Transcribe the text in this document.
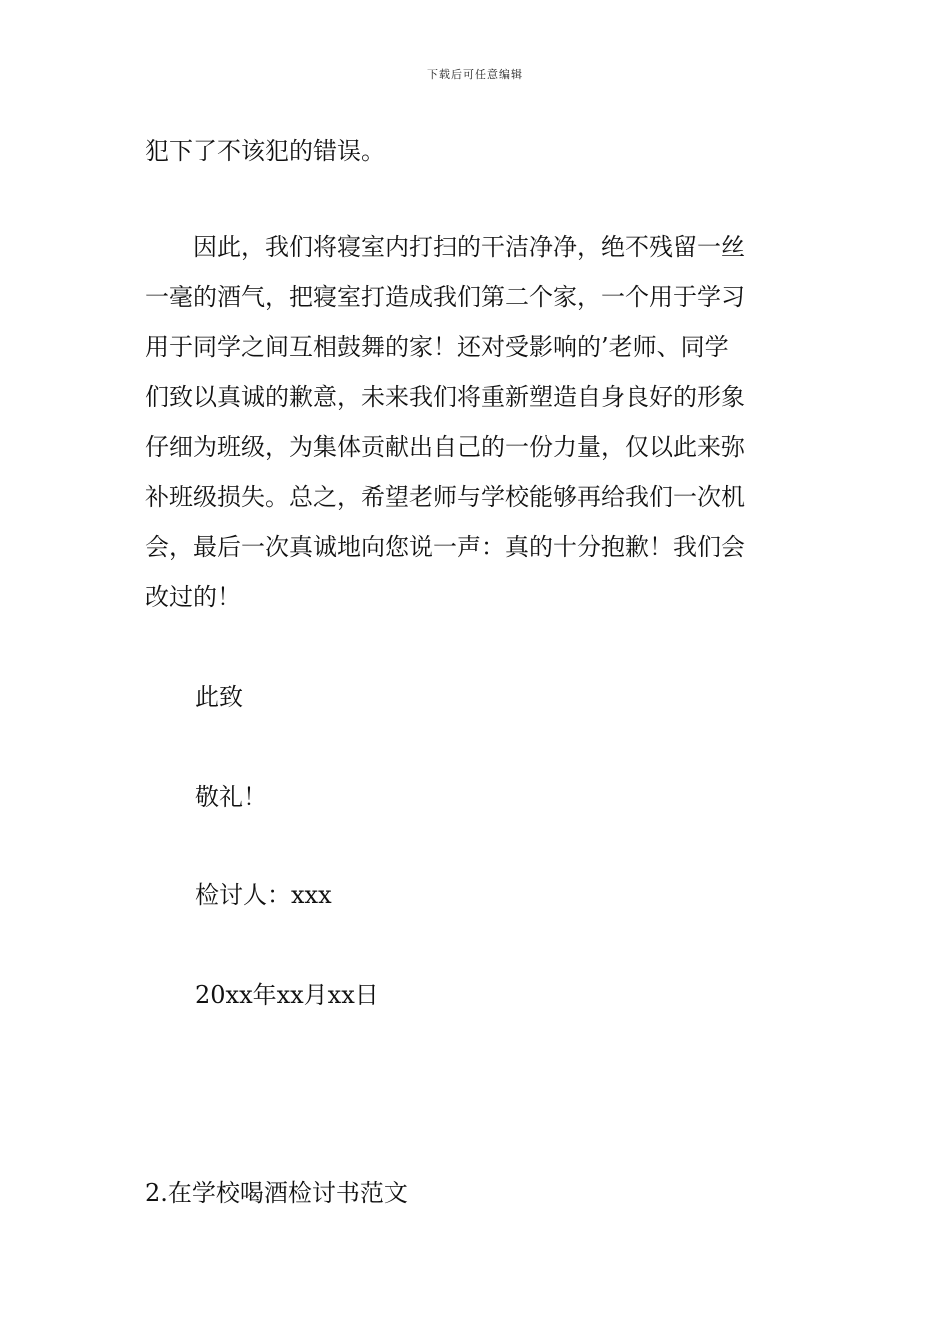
下载后可任意编辑

犯下了不该犯的错误。

　　因此，我们将寝室内打扫的干洁净净，绝不残留一丝
一毫的酒气，把寝室打造成我们第二个家，一个用于学习
用于同学之间互相鼓舞的家！还对受影响的’老师、同学
们致以真诚的歉意，未来我们将重新塑造自身良好的形象
仔细为班级，为集体贡献出自己的一份力量，仅以此来弥
补班级损失。总之，希望老师与学校能够再给我们一次机
会，最后一次真诚地向您说一声：真的十分抱歉！我们会
改过的！
此致
敬礼！
检讨人：xxx
20xx年xx月xx日
2.在学校喝酒检讨书范文
